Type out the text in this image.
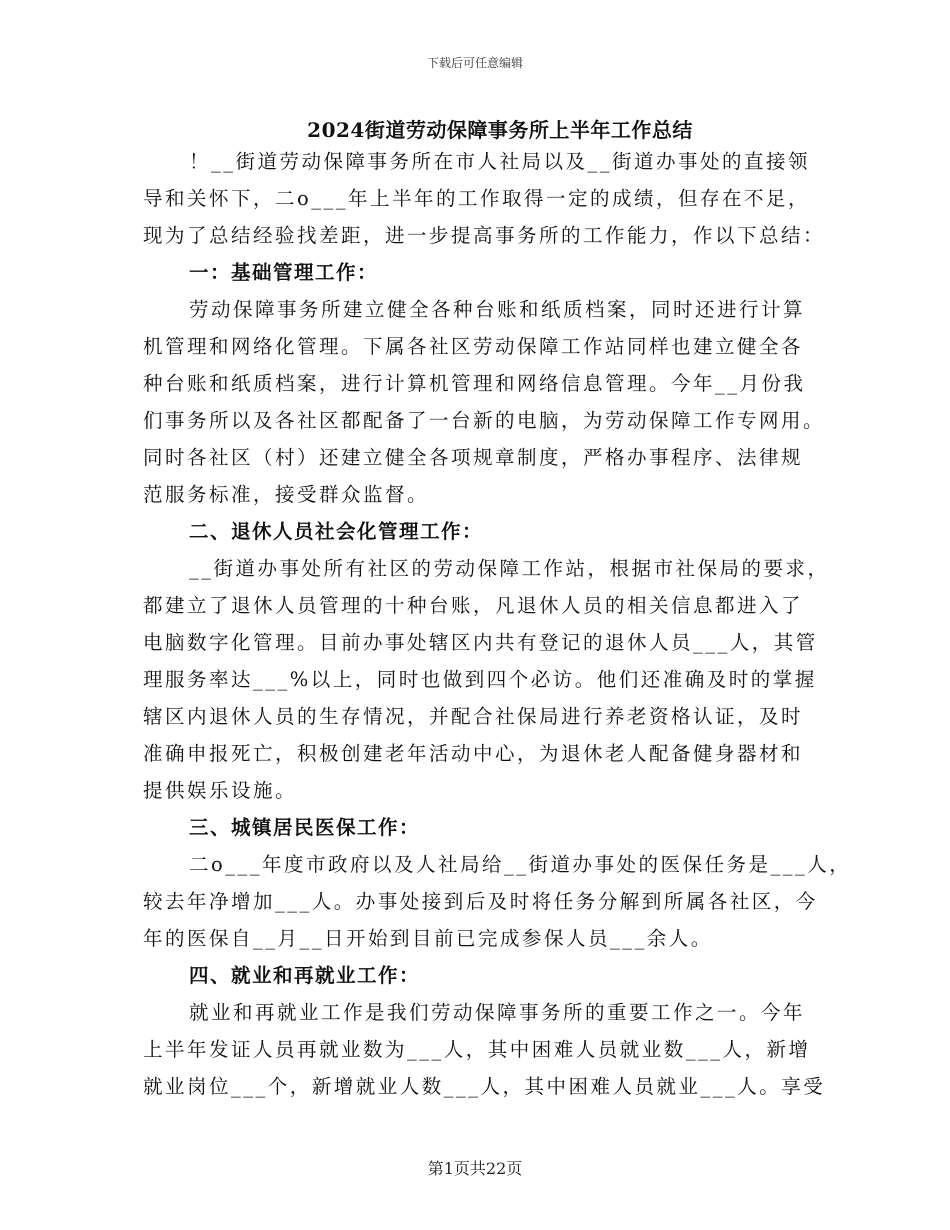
下载后可任意编辑
2024街道劳动保障事务所上半年工作总结
！__街道劳动保障事务所在市人社局以及__街道办事处的直接领
导和关怀下，二o___年上半年的工作取得一定的成绩，但存在不足，
现为了总结经验找差距，进一步提高事务所的工作能力，作以下总结：
一：基础管理工作：
劳动保障事务所建立健全各种台账和纸质档案，同时还进行计算
机管理和网络化管理。下属各社区劳动保障工作站同样也建立健全各
种台账和纸质档案，进行计算机管理和网络信息管理。今年__月份我
们事务所以及各社区都配备了一台新的电脑，为劳动保障工作专网用。
同时各社区（村）还建立健全各项规章制度，严格办事程序、法律规
范服务标准，接受群众监督。
二、退休人员社会化管理工作：
__街道办事处所有社区的劳动保障工作站，根据市社保局的要求，
都建立了退休人员管理的十种台账，凡退休人员的相关信息都进入了
电脑数字化管理。目前办事处辖区内共有登记的退休人员___人，其管
理服务率达___%以上，同时也做到四个必访。他们还准确及时的掌握
辖区内退休人员的生存情况，并配合社保局进行养老资格认证，及时
准确申报死亡，积极创建老年活动中心，为退休老人配备健身器材和
提供娱乐设施。
三、城镇居民医保工作：
二o___年度市政府以及人社局给__街道办事处的医保任务是___人，
较去年净增加___人。办事处接到后及时将任务分解到所属各社区，今
年的医保自__月__日开始到目前已完成参保人员___余人。
四、就业和再就业工作：
就业和再就业工作是我们劳动保障事务所的重要工作之一。今年
上半年发证人员再就业数为___人，其中困难人员就业数___人，新增
就业岗位___个，新增就业人数___人，其中困难人员就业___人。享受
第1页共22页
